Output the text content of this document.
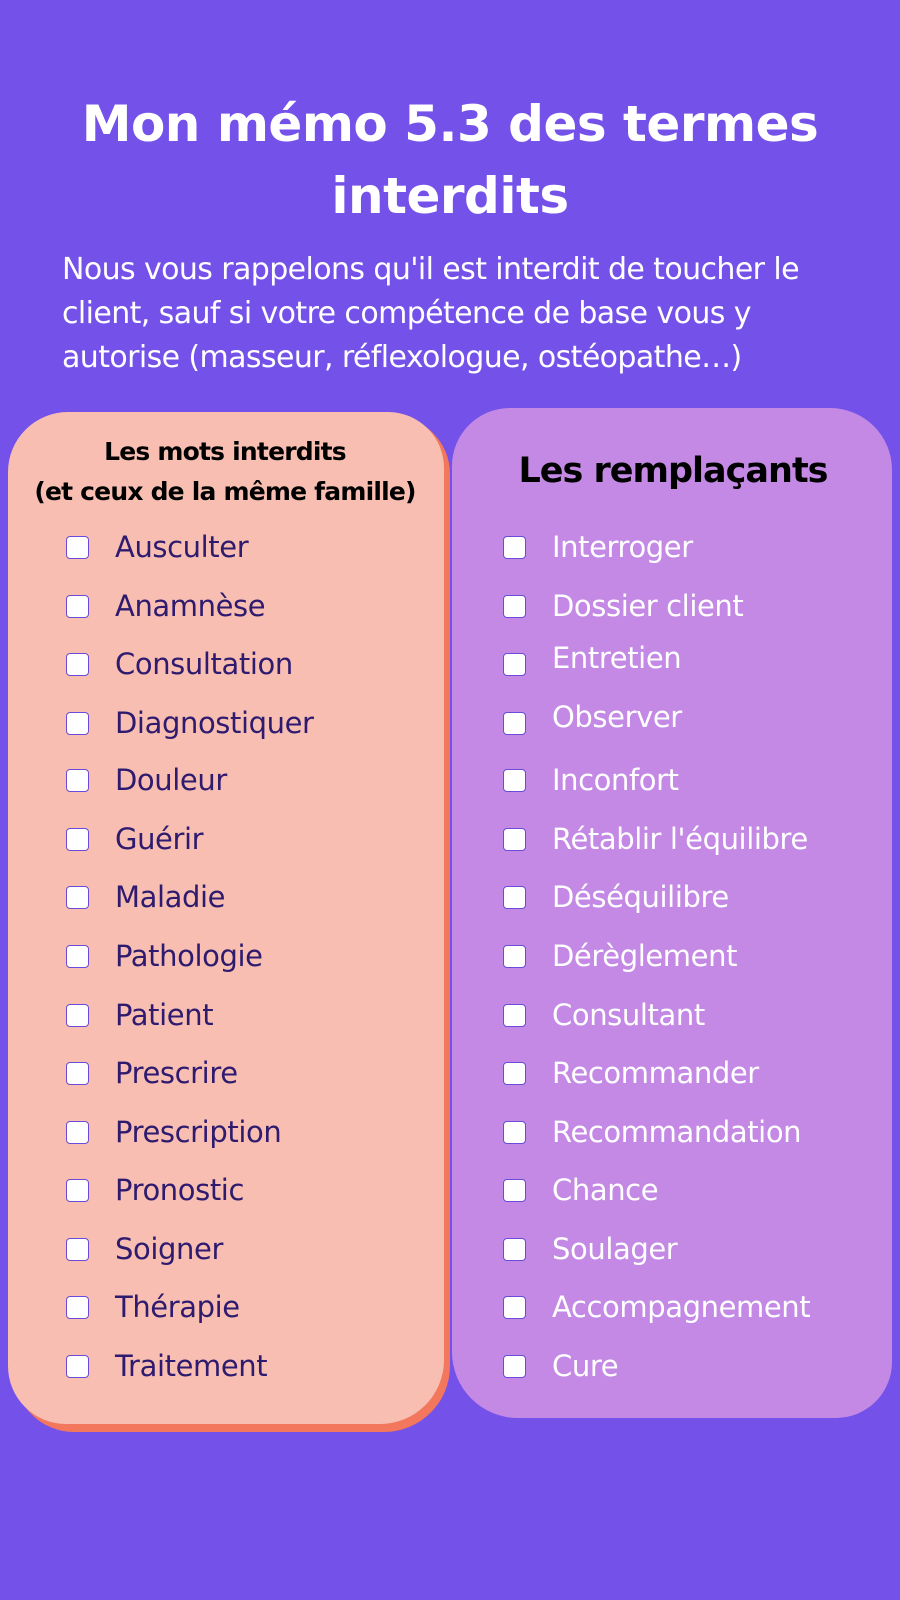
Mon mémo 5.3 des termes interdits
Nous vous rappelons qu'il est interdit de toucher le client, sauf si votre compétence de base vous y autorise (masseur, réflexologue, ostéopathe…)
Les mots interdits
(et ceux de la même famille)
Les remplaçants
Ausculter
Anamnèse
Consultation
Diagnostiquer
Douleur
Guérir
Maladie
Pathologie
Patient
Prescrire
Prescription
Pronostic
Soigner
Thérapie
Traitement
Interroger
Dossier client
Entretien
Observer
Inconfort
Rétablir l'équilibre
Déséquilibre
Dérèglement
Consultant
Recommander
Recommandation
Chance
Soulager
Accompagnement
Cure
